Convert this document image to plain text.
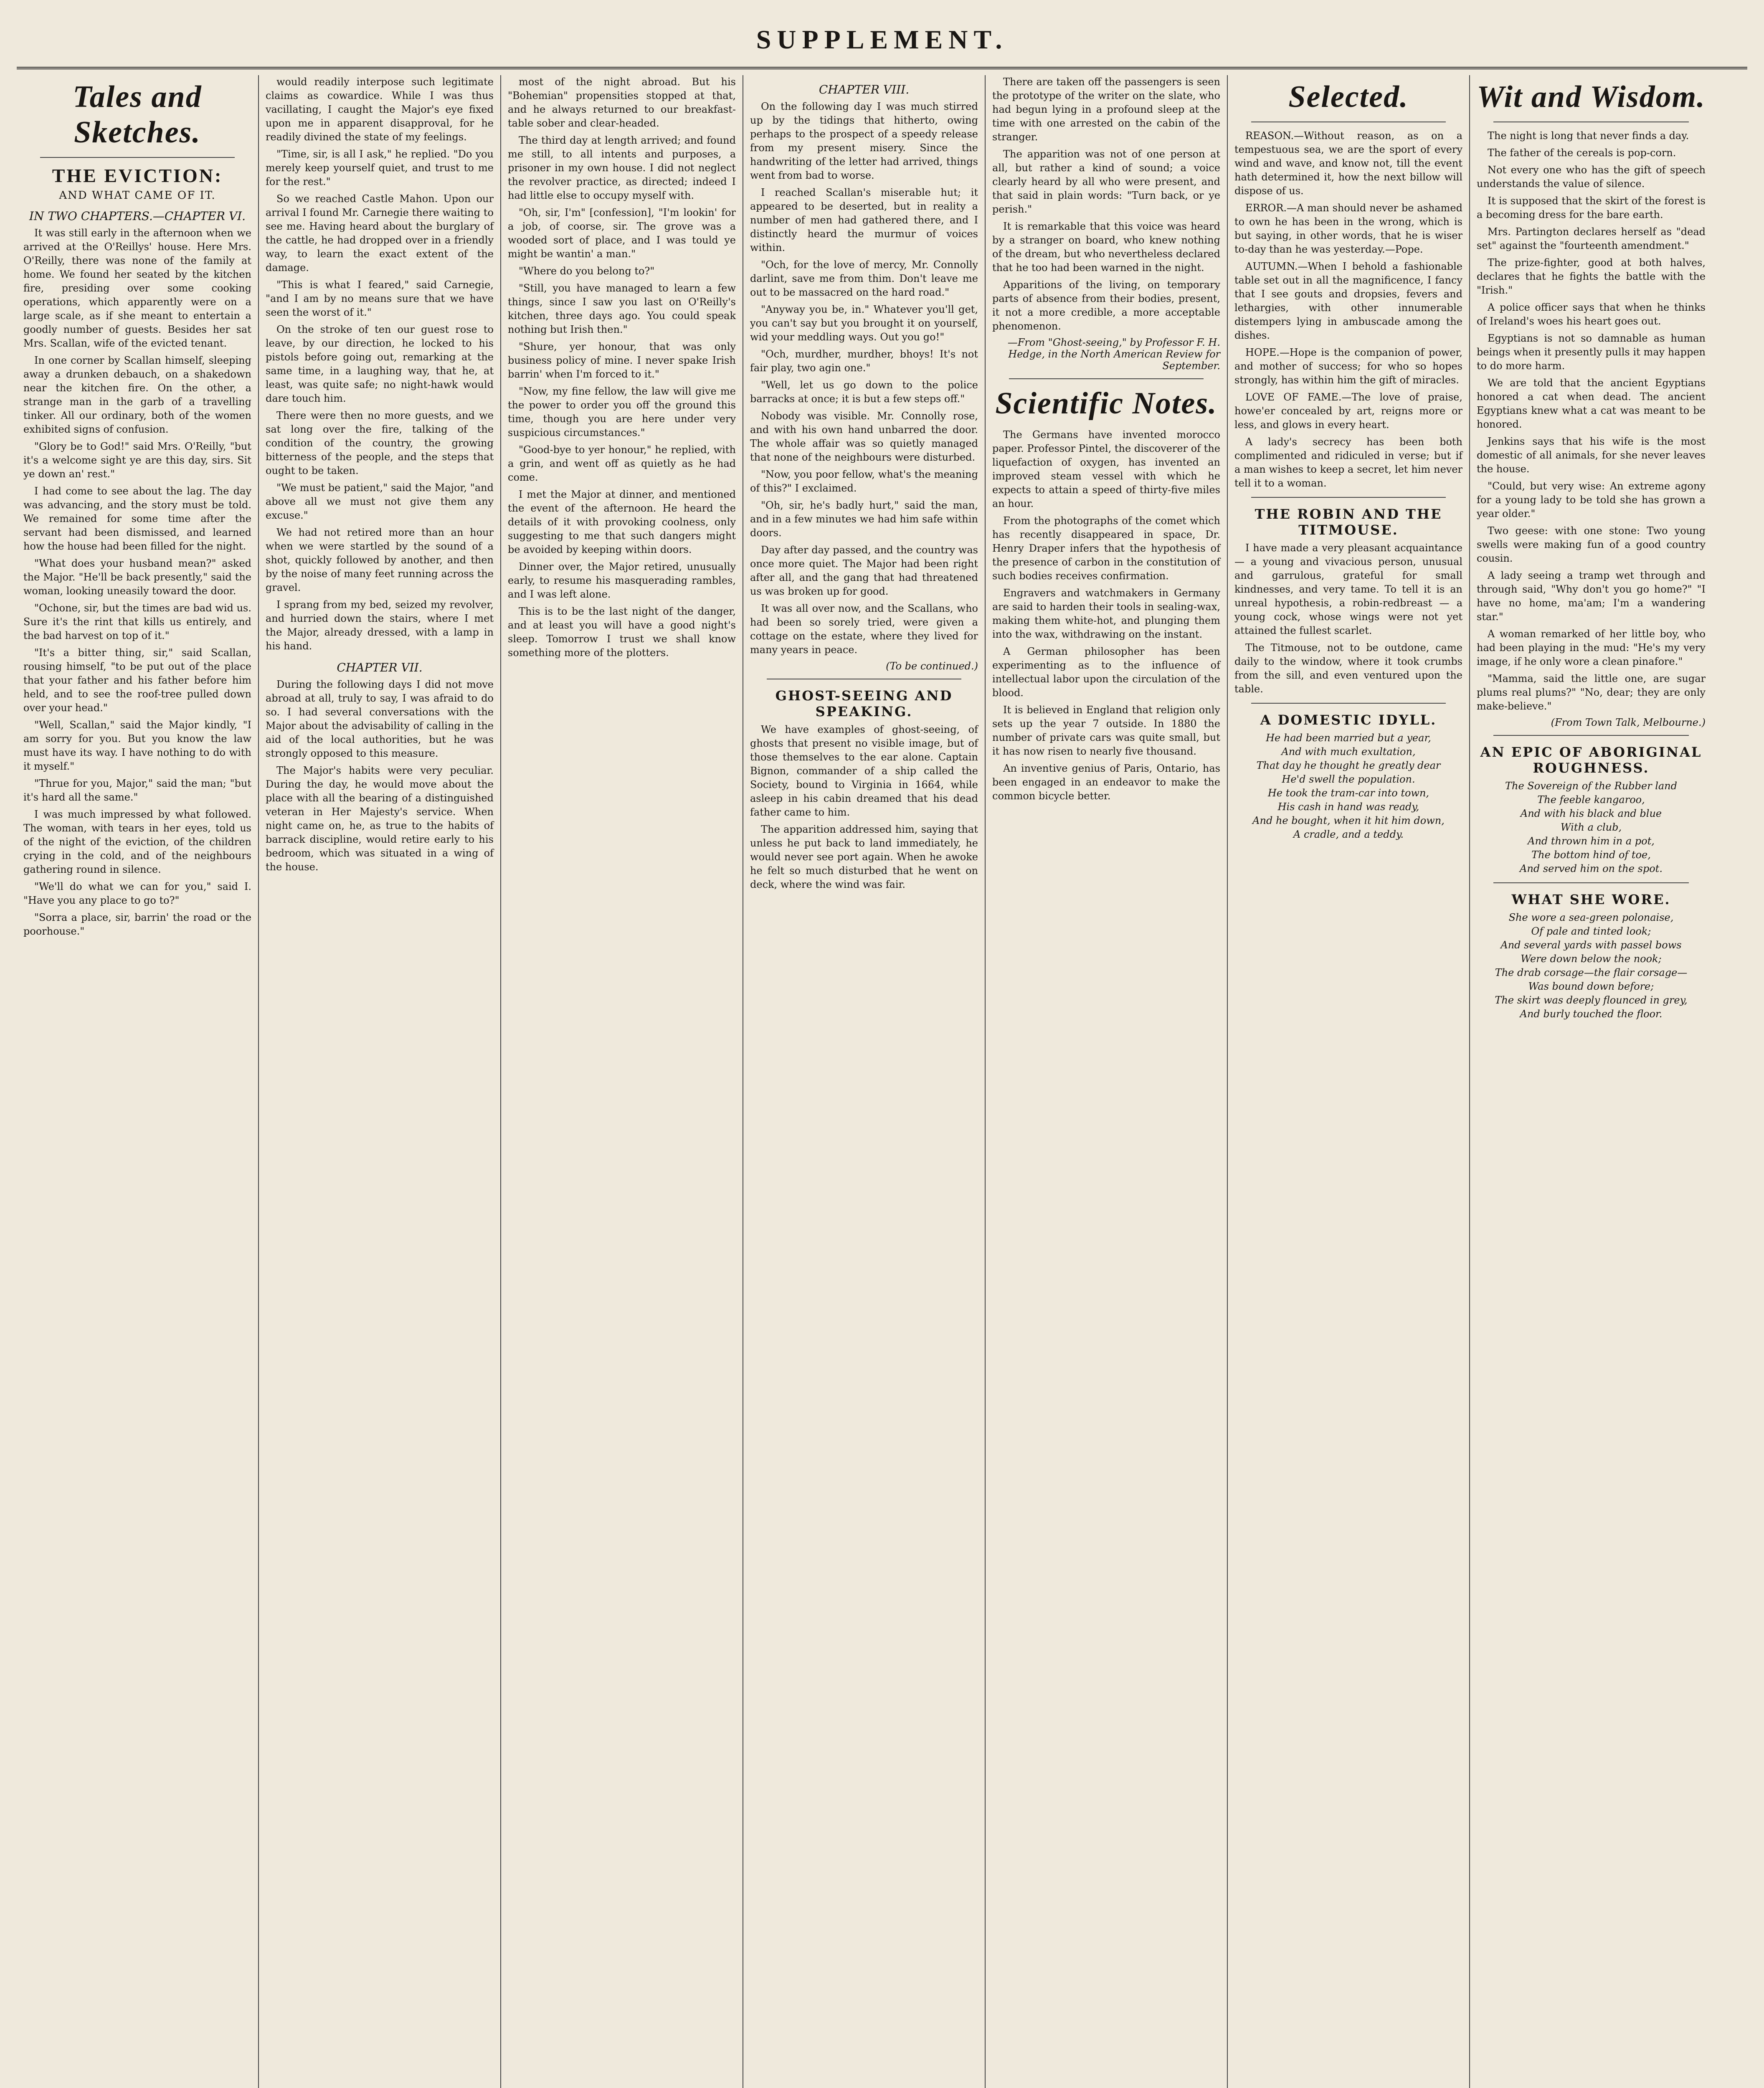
SUPPLEMENT.
Tales and Sketches.
THE EVICTION:
AND WHAT CAME OF IT.
IN TWO CHAPTERS.—CHAPTER VI.

It was still early in the afternoon when we arrived at the O'Reillys' house. Here Mrs. O'Reilly, there was none of the family at home. We found her seated by the kitchen fire, presiding over some cooking operations, which apparently were on a large scale, as if she meant to entertain a goodly number of guests. Besides her sat Mrs. Scallan, wife of the evicted tenant.

In one corner by Scallan himself, sleeping away a drunken debauch, on a shakedown near the kitchen fire. On the other, a strange man in the garb of a travelling tinker. All our ordinary, both of the women exhibited signs of confusion.

"Glory be to God!" said Mrs. O'Reilly, "but it's a welcome sight ye are this day, sirs. Sit ye down an' rest."

I had come to see about the lag. The day was advancing, and the story must be told. We remained for some time after the servant had been dismissed, and learned how the house had been filled for the night.

"What does your husband mean?" asked the Major. "He'll be back presently," said the woman, looking uneasily toward the door.

"Ochone, sir, but the times are bad wid us. Sure it's the rint that kills us entirely, and the bad harvest on top of it."

"It's a bitter thing, sir," said Scallan, rousing himself, "to be put out of the place that your father and his father before him held, and to see the roof-tree pulled down over your head."

"Well, Scallan," said the Major kindly, "I am sorry for you. But you know the law must have its way. I have nothing to do with it myself."

"Thrue for you, Major," said the man; "but it's hard all the same."

I was much impressed by what followed. The woman, with tears in her eyes, told us of the night of the eviction, of the children crying in the cold, and of the neighbours gathering round in silence.

"We'll do what we can for you," said I. "Have you any place to go to?"

"Sorra a place, sir, barrin' the road or the poorhouse."

would readily interpose such legitimate claims as cowardice. While I was thus vacillating, I caught the Major's eye fixed upon me in apparent disapproval, for he readily divined the state of my feelings.

"Time, sir, is all I ask," he replied. "Do you merely keep yourself quiet, and trust to me for the rest."

So we reached Castle Mahon. Upon our arrival I found Mr. Carnegie there waiting to see me. Having heard about the burglary of the cattle, he had dropped over in a friendly way, to learn the exact extent of the damage.

"This is what I feared," said Carnegie, "and I am by no means sure that we have seen the worst of it."

On the stroke of ten our guest rose to leave, by our direction, he locked to his pistols before going out, remarking at the same time, in a laughing way, that he, at least, was quite safe; no night-hawk would dare touch him.

There were then no more guests, and we sat long over the fire, talking of the condition of the country, the growing bitterness of the people, and the steps that ought to be taken.

"We must be patient," said the Major, "and above all we must not give them any excuse."

We had not retired more than an hour when we were startled by the sound of a shot, quickly followed by another, and then by the noise of many feet running across the gravel.

I sprang from my bed, seized my revolver, and hurried down the stairs, where I met the Major, already dressed, with a lamp in his hand.

CHAPTER VII.

During the following days I did not move abroad at all, truly to say, I was afraid to do so. I had several conversations with the Major about the advisability of calling in the aid of the local authorities, but he was strongly opposed to this measure.

The Major's habits were very peculiar. During the day, he would move about the place with all the bearing of a distinguished veteran in Her Majesty's service. When night came on, he, as true to the habits of barrack discipline, would retire early to his bedroom, which was situated in a wing of the house.

most of the night abroad. But his "Bohemian" propensities stopped at that, and he always returned to our breakfast-table sober and clear-headed.

The third day at length arrived; and found me still, to all intents and purposes, a prisoner in my own house. I did not neglect the revolver practice, as directed; indeed I had little else to occupy myself with.

"Oh, sir, I'm" [confession], "I'm lookin' for a job, of coorse, sir. The grove was a wooded sort of place, and I was tould ye might be wantin' a man."

"Where do you belong to?"

"Still, you have managed to learn a few things, since I saw you last on O'Reilly's kitchen, three days ago. You could speak nothing but Irish then."

"Shure, yer honour, that was only business policy of mine. I never spake Irish barrin' when I'm forced to it."

"Now, my fine fellow, the law will give me the power to order you off the ground this time, though you are here under very suspicious circumstances."

"Good-bye to yer honour," he replied, with a grin, and went off as quietly as he had come.

I met the Major at dinner, and mentioned the event of the afternoon. He heard the details of it with provoking coolness, only suggesting to me that such dangers might be avoided by keeping within doors.

Dinner over, the Major retired, unusually early, to resume his masquerading rambles, and I was left alone.

This is to be the last night of the danger, and at least you will have a good night's sleep. Tomorrow I trust we shall know something more of the plotters.

CHAPTER VIII.

On the following day I was much stirred up by the tidings that hitherto, owing perhaps to the prospect of a speedy release from my present misery. Since the handwriting of the letter had arrived, things went from bad to worse.

I reached Scallan's miserable hut; it appeared to be deserted, but in reality a number of men had gathered there, and I distinctly heard the murmur of voices within.

"Och, for the love of mercy, Mr. Connolly darlint, save me from thim. Don't leave me out to be massacred on the hard road."

"Anyway you be, in." Whatever you'll get, you can't say but you brought it on yourself, wid your meddling ways. Out you go!"

"Och, murdher, murdher, bhoys! It's not fair play, two agin one."

"Well, let us go down to the police barracks at once; it is but a few steps off."

Nobody was visible. Mr. Connolly rose, and with his own hand unbarred the door. The whole affair was so quietly managed that none of the neighbours were disturbed.

"Now, you poor fellow, what's the meaning of this?" I exclaimed.

"Oh, sir, he's badly hurt," said the man, and in a few minutes we had him safe within doors.

Day after day passed, and the country was once more quiet. The Major had been right after all, and the gang that had threatened us was broken up for good.

It was all over now, and the Scallans, who had been so sorely tried, were given a cottage on the estate, where they lived for many years in peace.

(To be continued.)
GHOST-SEEING AND SPEAKING.

We have examples of ghost-seeing, of ghosts that present no visible image, but of those themselves to the ear alone. Captain Bignon, commander of a ship called the Society, bound to Virginia in 1664, while asleep in his cabin dreamed that his dead father came to him.

The apparition addressed him, saying that unless he put back to land immediately, he would never see port again. When he awoke he felt so much disturbed that he went on deck, where the wind was fair.

There are taken off the passengers is seen the prototype of the writer on the slate, who had begun lying in a profound sleep at the time with one arrested on the cabin of the stranger.

The apparition was not of one person at all, but rather a kind of sound; a voice clearly heard by all who were present, and that said in plain words: "Turn back, or ye perish."

It is remarkable that this voice was heard by a stranger on board, who knew nothing of the dream, but who nevertheless declared that he too had been warned in the night.

Apparitions of the living, on temporary parts of absence from their bodies, present, it not a more credible, a more acceptable phenomenon.

—From "Ghost-seeing," by Professor F. H. Hedge, in the North American Review for September.
Scientific Notes.

The Germans have invented morocco paper. Professor Pintel, the discoverer of the liquefaction of oxygen, has invented an improved steam vessel with which he expects to attain a speed of thirty-five miles an hour.

From the photographs of the comet which has recently disappeared in space, Dr. Henry Draper infers that the hypothesis of the presence of carbon in the constitution of such bodies receives confirmation.

Engravers and watchmakers in Germany are said to harden their tools in sealing-wax, making them white-hot, and plunging them into the wax, withdrawing on the instant.

A German philosopher has been experimenting as to the influence of intellectual labor upon the circulation of the blood.

It is believed in England that religion only sets up the year 7 outside. In 1880 the number of private cars was quite small, but it has now risen to nearly five thousand.

An inventive genius of Paris, Ontario, has been engaged in an endeavor to make the common bicycle better.

Selected.

REASON.—Without reason, as on a tempestuous sea, we are the sport of every wind and wave, and know not, till the event hath determined it, how the next billow will dispose of us.

ERROR.—A man should never be ashamed to own he has been in the wrong, which is but saying, in other words, that he is wiser to-day than he was yesterday.—Pope.

AUTUMN.—When I behold a fashionable table set out in all the magnificence, I fancy that I see gouts and dropsies, fevers and lethargies, with other innumerable distempers lying in ambuscade among the dishes.

HOPE.—Hope is the companion of power, and mother of success; for who so hopes strongly, has within him the gift of miracles.

LOVE OF FAME.—The love of praise, howe'er concealed by art, reigns more or less, and glows in every heart.

A lady's secrecy has been both complimented and ridiculed in verse; but if a man wishes to keep a secret, let him never tell it to a woman.

THE ROBIN AND THE TITMOUSE.

I have made a very pleasant acquaintance — a young and vivacious person, unusual and garrulous, grateful for small kindnesses, and very tame. To tell it is an unreal hypothesis, a robin-redbreast — a young cock, whose wings were not yet attained the fullest scarlet.

The Titmouse, not to be outdone, came daily to the window, where it took crumbs from the sill, and even ventured upon the table.

A DOMESTIC IDYLL.

He had been married but a year,

And with much exultation,

That day he thought he greatly dear

He'd swell the population.

He took the tram-car into town,

His cash in hand was ready,

And he bought, when it hit him down,

A cradle, and a teddy.

Wit and Wisdom.

The night is long that never finds a day.

The father of the cereals is pop-corn.

Not every one who has the gift of speech understands the value of silence.

It is supposed that the skirt of the forest is a becoming dress for the bare earth.

Mrs. Partington declares herself as "dead set" against the "fourteenth amendment."

The prize-fighter, good at both halves, declares that he fights the battle with the "Irish."

A police officer says that when he thinks of Ireland's woes his heart goes out.

Egyptians is not so damnable as human beings when it presently pulls it may happen to do more harm.

We are told that the ancient Egyptians honored a cat when dead. The ancient Egyptians knew what a cat was meant to be honored.

Jenkins says that his wife is the most domestic of all animals, for she never leaves the house.

"Could, but very wise: An extreme agony for a young lady to be told she has grown a year older."

Two geese: with one stone: Two young swells were making fun of a good country cousin.

A lady seeing a tramp wet through and through said, "Why don't you go home?" "I have no home, ma'am; I'm a wandering star."

A woman remarked of her little boy, who had been playing in the mud: "He's my very image, if he only wore a clean pinafore."

"Mamma, said the little one, are sugar plums real plums?" "No, dear; they are only make-believe."

(From Town Talk, Melbourne.)
AN EPIC OF ABORIGINAL ROUGHNESS.

The Sovereign of the Rubber land

The feeble kangaroo,

And with his black and blue

With a club,

And thrown him in a pot,

The bottom hind of toe,

And served him on the spot.

WHAT SHE WORE.

She wore a sea-green polonaise,

Of pale and tinted look;

And several yards with passel bows

Were down below the nook;

The drab corsage—the flair corsage—

Was bound down before;

The skirt was deeply flounced in grey,

And burly touched the floor.
